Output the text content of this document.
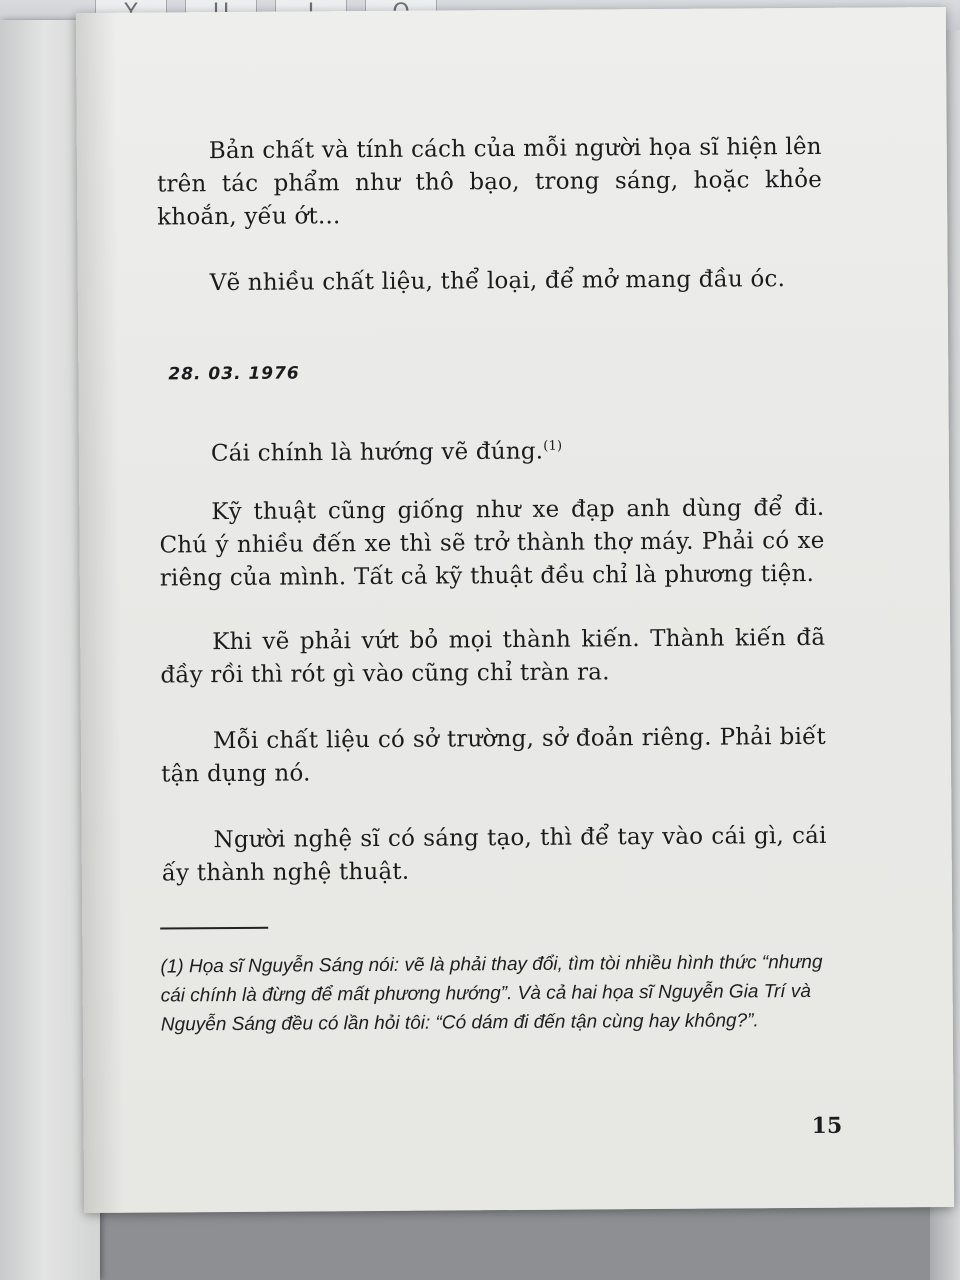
Bản chất và tính cách của mỗi người họa sĩ hiện lên trên tác phẩm như thô bạo, trong sáng, hoặc khỏe khoắn, yếu ớt...

Vẽ nhiều chất liệu, thể loại, để mở mang đầu óc.

28. 03. 1976

Cái chính là hướng vẽ đúng.$^{(1)}$

Kỹ thuật cũng giống như xe đạp anh dùng để đi. Chú ý nhiều đến xe thì sẽ trở thành thợ máy. Phải có xe riêng của mình. Tất cả kỹ thuật đều chỉ là phương tiện.

Khi vẽ phải vứt bỏ mọi thành kiến. Thành kiến đã đầy rồi thì rót gì vào cũng chỉ tràn ra.

Mỗi chất liệu có sở trường, sở đoản riêng. Phải biết tận dụng nó.

Người nghệ sĩ có sáng tạo, thì để tay vào cái gì, cái ấy thành nghệ thuật.

(1) Họa sĩ Nguyễn Sáng nói: vẽ là phải thay đổi, tìm tòi nhiều hình thức “nhưng cái chính là đừng để mất phương hướng”. Và cả hai họa sĩ Nguyễn Gia Trí và Nguyễn Sáng đều có lần hỏi tôi: “Có dám đi đến tận cùng hay không?”.

15
